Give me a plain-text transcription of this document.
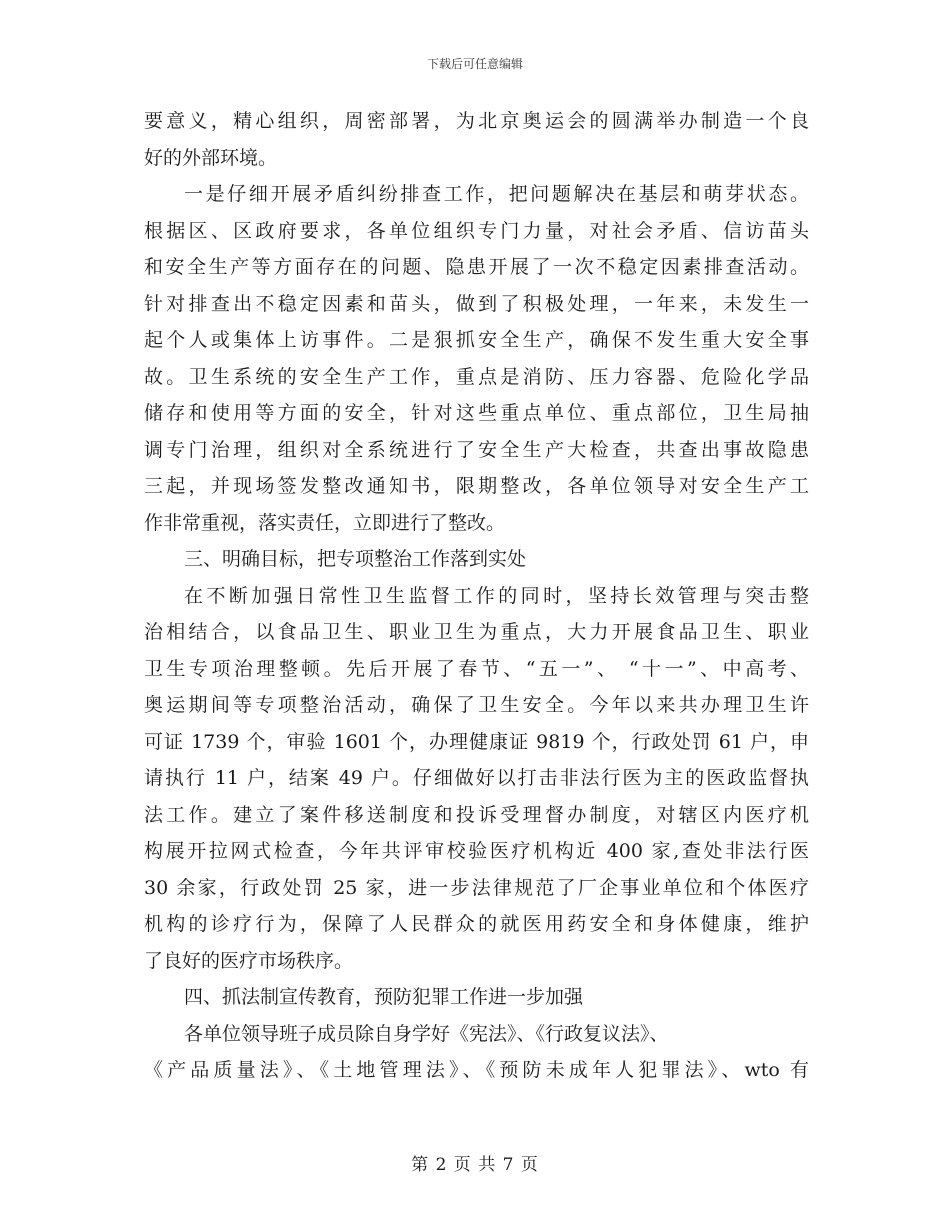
下载后可任意编辑
要意义，精心组织，周密部署，为北京奥运会的圆满举办制造一个良
好的外部环境。
一是仔细开展矛盾纠纷排查工作，把问题解决在基层和萌芽状态。
根据区、区政府要求，各单位组织专门力量，对社会矛盾、信访苗头
和安全生产等方面存在的问题、隐患开展了一次不稳定因素排查活动。
针对排查出不稳定因素和苗头，做到了积极处理，一年来，未发生一
起个人或集体上访事件。二是狠抓安全生产，确保不发生重大安全事
故。卫生系统的安全生产工作，重点是消防、压力容器、危险化学品
储存和使用等方面的安全，针对这些重点单位、重点部位，卫生局抽
调专门治理，组织对全系统进行了安全生产大检查，共查出事故隐患
三起，并现场签发整改通知书，限期整改，各单位领导对安全生产工
作非常重视，落实责任，立即进行了整改。
三、明确目标，把专项整治工作落到实处
在不断加强日常性卫生监督工作的同时，坚持长效管理与突击整
治相结合，以食品卫生、职业卫生为重点，大力开展食品卫生、职业
卫生专项治理整顿。先后开展了春节、“五一”、 “十一”、中高考、
奥运期间等专项整治活动，确保了卫生安全。今年以来共办理卫生许
可证 1739 个，审验 1601 个，办理健康证 9819 个，行政处罚 61 户，申
请执行 11 户，结案 49 户。仔细做好以打击非法行医为主的医政监督执
法工作。建立了案件移送制度和投诉受理督办制度，对辖区内医疗机
构展开拉网式检查，今年共评审校验医疗机构近 400 家,查处非法行医
30 余家，行政处罚 25 家，进一步法律规范了厂企事业单位和个体医疗
机构的诊疗行为，保障了人民群众的就医用药安全和身体健康，维护
了良好的医疗市场秩序。
四、抓法制宣传教育，预防犯罪工作进一步加强
各单位领导班子成员除自身学好《宪法》、《行政复议法》、
《产品质量法》、《土地管理法》、《预防未成年人犯罪法》、wto 有
第 2 页 共 7 页
